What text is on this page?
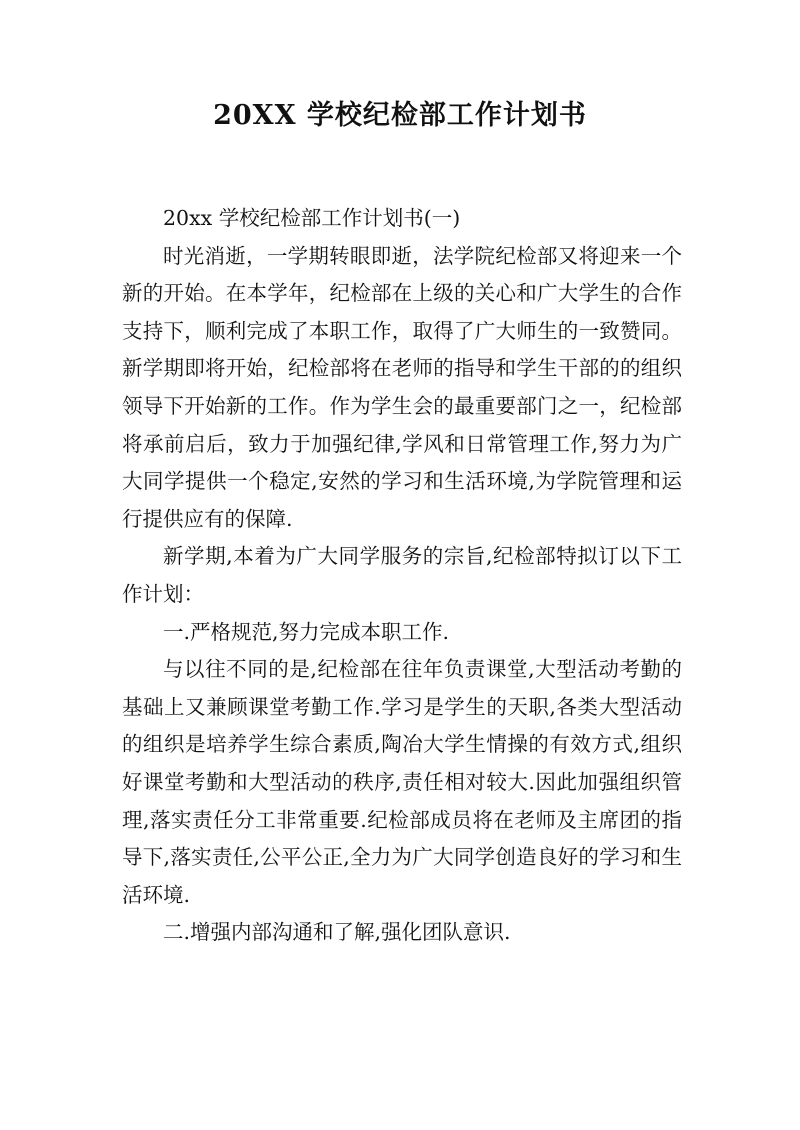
20XX 学校纪检部工作计划书

20xx 学校纪检部工作计划书(一)

时光消逝，一学期转眼即逝，法学院纪检部又将迎来一个新的开始。在本学年，纪检部在上级的关心和广大学生的合作支持下，顺利完成了本职工作，取得了广大师生的一致赞同。新学期即将开始，纪检部将在老师的指导和学生干部的的组织领导下开始新的工作。作为学生会的最重要部门之一，纪检部将承前启后，致力于加强纪律,学风和日常管理工作,努力为广大同学提供一个稳定,安然的学习和生活环境,为学院管理和运行提供应有的保障.

新学期,本着为广大同学服务的宗旨,纪检部特拟订以下工作计划：

一.严格规范,努力完成本职工作.

与以往不同的是,纪检部在往年负责课堂,大型活动考勤的基础上又兼顾课堂考勤工作.学习是学生的天职,各类大型活动的组织是培养学生综合素质,陶冶大学生情操的有效方式,组织好课堂考勤和大型活动的秩序,责任相对较大.因此加强组织管理,落实责任分工非常重要.纪检部成员将在老师及主席团的指导下,落实责任,公平公正,全力为广大同学创造良好的学习和生活环境.

二.增强内部沟通和了解,强化团队意识.
